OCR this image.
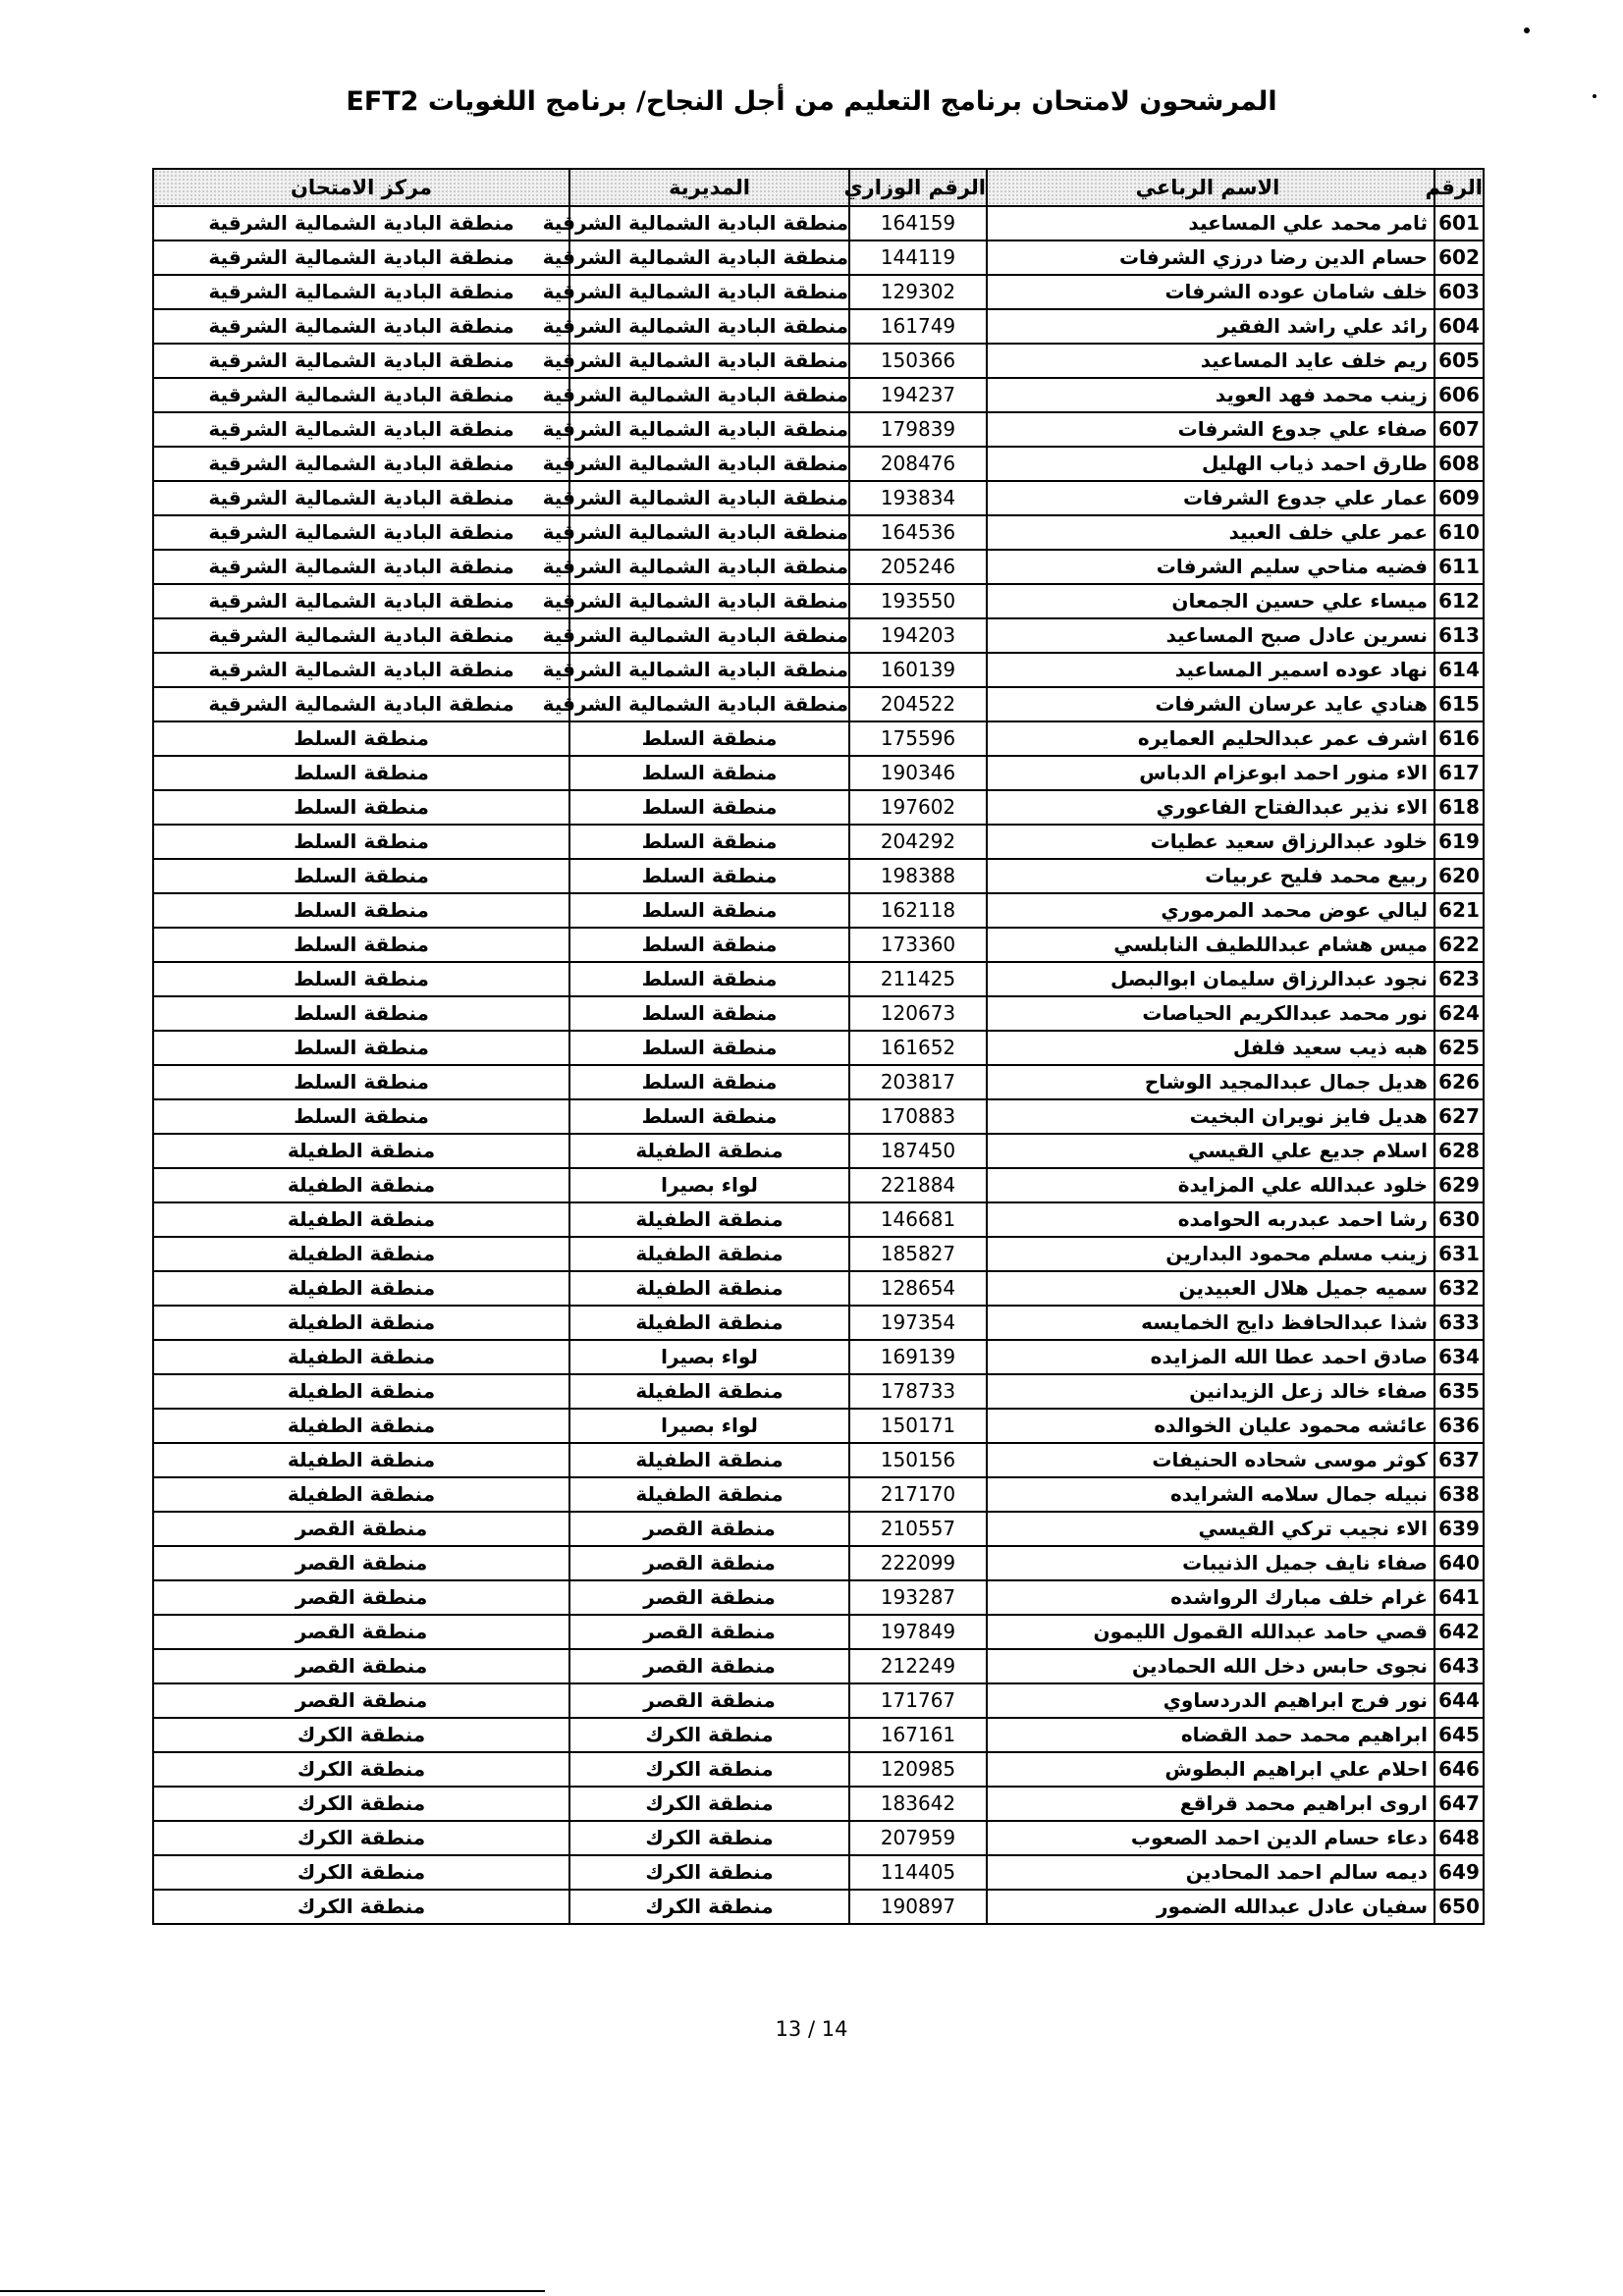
المرشحون لامتحان برنامج التعليم من أجل النجاح/ برنامج اللغويات EFT2
الرقم	الاسم الرباعي	الرقم الوزاري	المديرية	مركز الامتحان
601	ثامر محمد علي المساعيد	164159	منطقة البادية الشمالية الشرقية	منطقة البادية الشمالية الشرقية
602	حسام الدين رضا درزي الشرفات	144119	منطقة البادية الشمالية الشرقية	منطقة البادية الشمالية الشرقية
603	خلف شامان عوده الشرفات	129302	منطقة البادية الشمالية الشرقية	منطقة البادية الشمالية الشرقية
604	رائد علي راشد الفقير	161749	منطقة البادية الشمالية الشرقية	منطقة البادية الشمالية الشرقية
605	ريم خلف عايد المساعيد	150366	منطقة البادية الشمالية الشرقية	منطقة البادية الشمالية الشرقية
606	زينب محمد فهد العويد	194237	منطقة البادية الشمالية الشرقية	منطقة البادية الشمالية الشرقية
607	صفاء علي جدوع الشرفات	179839	منطقة البادية الشمالية الشرقية	منطقة البادية الشمالية الشرقية
608	طارق احمد ذياب الهليل	208476	منطقة البادية الشمالية الشرقية	منطقة البادية الشمالية الشرقية
609	عمار علي جدوع الشرفات	193834	منطقة البادية الشمالية الشرقية	منطقة البادية الشمالية الشرقية
610	عمر علي خلف العبيد	164536	منطقة البادية الشمالية الشرقية	منطقة البادية الشمالية الشرقية
611	فضيه مناحي سليم الشرفات	205246	منطقة البادية الشمالية الشرقية	منطقة البادية الشمالية الشرقية
612	ميساء علي حسين الجمعان	193550	منطقة البادية الشمالية الشرقية	منطقة البادية الشمالية الشرقية
613	نسرين عادل صبح المساعيد	194203	منطقة البادية الشمالية الشرقية	منطقة البادية الشمالية الشرقية
614	نهاد عوده اسمير المساعيد	160139	منطقة البادية الشمالية الشرقية	منطقة البادية الشمالية الشرقية
615	هنادي عايد عرسان الشرفات	204522	منطقة البادية الشمالية الشرقية	منطقة البادية الشمالية الشرقية
616	اشرف عمر عبدالحليم العمايره	175596	منطقة السلط	منطقة السلط
617	الاء منور احمد ابوعزام الدباس	190346	منطقة السلط	منطقة السلط
618	الاء نذير عبدالفتاح الفاعوري	197602	منطقة السلط	منطقة السلط
619	خلود عبدالرزاق سعيد عطيات	204292	منطقة السلط	منطقة السلط
620	ربيع محمد فليح عربيات	198388	منطقة السلط	منطقة السلط
621	ليالي عوض محمد المرموري	162118	منطقة السلط	منطقة السلط
622	ميس هشام عبداللطيف النابلسي	173360	منطقة السلط	منطقة السلط
623	نجود عبدالرزاق سليمان ابوالبصل	211425	منطقة السلط	منطقة السلط
624	نور محمد عبدالكريم الحياصات	120673	منطقة السلط	منطقة السلط
625	هبه ذيب سعيد فلفل	161652	منطقة السلط	منطقة السلط
626	هديل جمال عبدالمجيد الوشاح	203817	منطقة السلط	منطقة السلط
627	هديل فايز نويران البخيت	170883	منطقة السلط	منطقة السلط
628	اسلام جديع علي القيسي	187450	منطقة الطفيلة	منطقة الطفيلة
629	خلود عبدالله علي المزايدة	221884	لواء بصيرا	منطقة الطفيلة
630	رشا احمد عبدربه الحوامده	146681	منطقة الطفيلة	منطقة الطفيلة
631	زينب مسلم محمود البدارين	185827	منطقة الطفيلة	منطقة الطفيلة
632	سميه جميل هلال العبيدين	128654	منطقة الطفيلة	منطقة الطفيلة
633	شذا عبدالحافظ دايج الخمايسه	197354	منطقة الطفيلة	منطقة الطفيلة
634	صادق احمد عطا الله المزايده	169139	لواء بصيرا	منطقة الطفيلة
635	صفاء خالد زعل الزيدانين	178733	منطقة الطفيلة	منطقة الطفيلة
636	عائشه محمود عليان الخوالده	150171	لواء بصيرا	منطقة الطفيلة
637	كوثر موسى شحاده الحنيفات	150156	منطقة الطفيلة	منطقة الطفيلة
638	نبيله جمال سلامه الشرايده	217170	منطقة الطفيلة	منطقة الطفيلة
639	الاء نجيب تركي القيسي	210557	منطقة القصر	منطقة القصر
640	صفاء نايف جميل الذنيبات	222099	منطقة القصر	منطقة القصر
641	غرام خلف مبارك الرواشده	193287	منطقة القصر	منطقة القصر
642	قصي حامد عبدالله القمول الليمون	197849	منطقة القصر	منطقة القصر
643	نجوى حابس دخل الله الحمادين	212249	منطقة القصر	منطقة القصر
644	نور فرج ابراهيم الدردساوي	171767	منطقة القصر	منطقة القصر
645	ابراهيم محمد حمد القضاه	167161	منطقة الكرك	منطقة الكرك
646	احلام علي ابراهيم البطوش	120985	منطقة الكرك	منطقة الكرك
647	اروى ابراهيم محمد قراقع	183642	منطقة الكرك	منطقة الكرك
648	دعاء حسام الدين احمد الصعوب	207959	منطقة الكرك	منطقة الكرك
649	ديمه سالم احمد المحادين	114405	منطقة الكرك	منطقة الكرك
650	سفيان عادل عبدالله الضمور	190897	منطقة الكرك	منطقة الكرك
13 / 14
